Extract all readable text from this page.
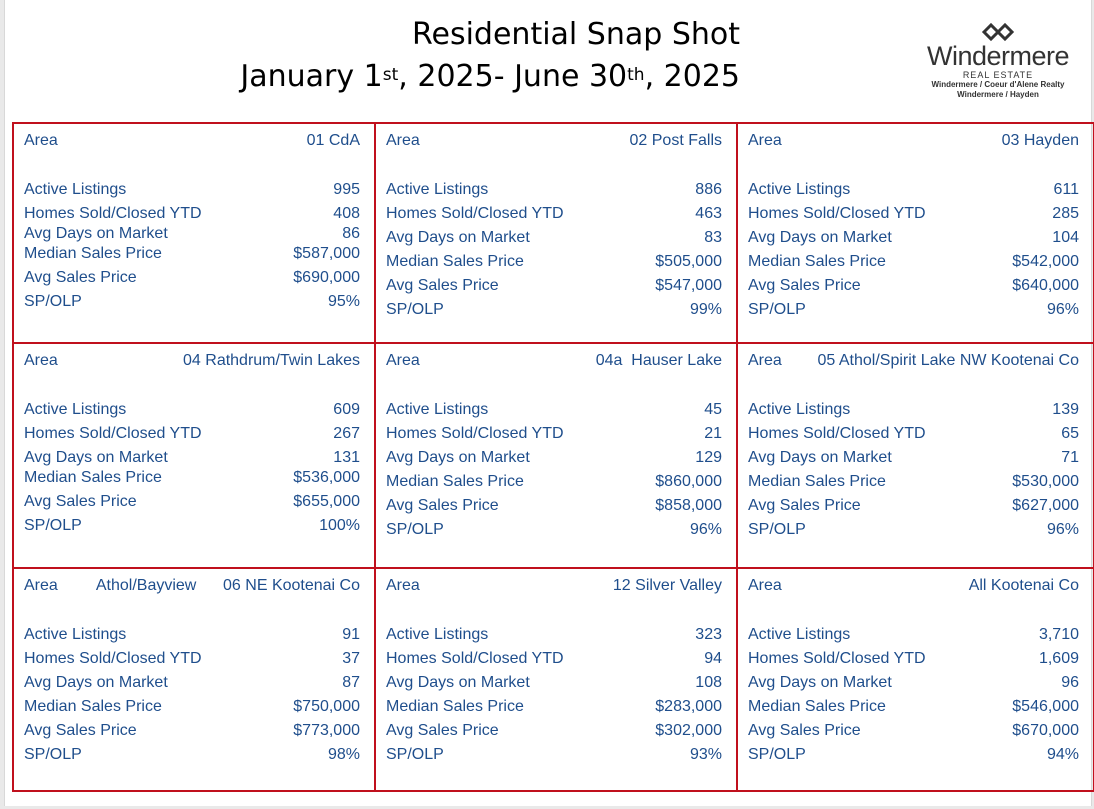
Residential Snap Shot
January 1st, 2025- June 30th, 2025
Windermere
REAL ESTATE
Windermere / Coeur d'Alene Realty
Windermere / Hayden
Area	01 CdA
Active Listings	995
Homes Sold/Closed YTD	408
Avg Days on Market	86
Median Sales Price	$587,000
Avg Sales Price	$690,000
SP/OLP	95%
Area	02 Post Falls
Active Listings	886
Homes Sold/Closed YTD	463
Avg Days on Market	83
Median Sales Price	$505,000
Avg Sales Price	$547,000
SP/OLP	99%
Area	03 Hayden
Active Listings	611
Homes Sold/Closed YTD	285
Avg Days on Market	104
Median Sales Price	$542,000
Avg Sales Price	$640,000
SP/OLP	96%
Area	04 Rathdrum/Twin Lakes
Active Listings	609
Homes Sold/Closed YTD	267
Avg Days on Market	131
Median Sales Price	$536,000
Avg Sales Price	$655,000
SP/OLP	100%
Area	04a  Hauser Lake
Active Listings	45
Homes Sold/Closed YTD	21
Avg Days on Market	129
Median Sales Price	$860,000
Avg Sales Price	$858,000
SP/OLP	96%
Area 05 Athol/Spirit Lake NW Kootenai Co
Active Listings	139
Homes Sold/Closed YTD	65
Avg Days on Market	71
Median Sales Price	$530,000
Avg Sales Price	$627,000
SP/OLP	96%
Area Athol/Bayview      06 NE Kootenai Co
Active Listings	91
Homes Sold/Closed YTD	37
Avg Days on Market	87
Median Sales Price	$750,000
Avg Sales Price	$773,000
SP/OLP	98%
Area	12 Silver Valley
Active Listings	323
Homes Sold/Closed YTD	94
Avg Days on Market	108
Median Sales Price	$283,000
Avg Sales Price	$302,000
SP/OLP	93%
Area	All Kootenai Co
Active Listings	3,710
Homes Sold/Closed YTD	1,609
Avg Days on Market	96
Median Sales Price	$546,000
Avg Sales Price	$670,000
SP/OLP	94%
